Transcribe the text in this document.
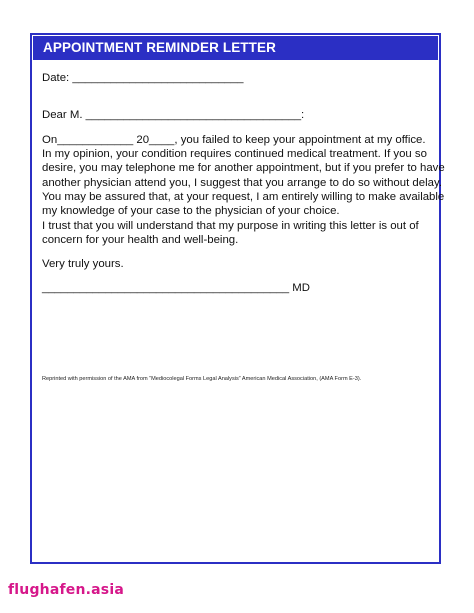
APPOINTMENT REMINDER LETTER
Date: ___________________________
Dear M. __________________________________:
On____________ 20____, you failed to keep your appointment at my office.
In my opinion, your condition requires continued medical treatment. If you so
desire, you may telephone me for another appointment, but if you prefer to have
another physician attend you, I suggest that you arrange to do so without delay.
You may be assured that, at your request, I am entirely willing to make available
my knowledge of your case to the physician of your choice.
I trust that you will understand that my purpose in writing this letter is out of
concern for your health and well-being.
Very truly yours.
_______________________________________ MD
Reprinted with permission of the AMA from “Mediocolegal Forms Legal Analysis” American Medical Association, (AMA Form E-3).
flughafen.asia
